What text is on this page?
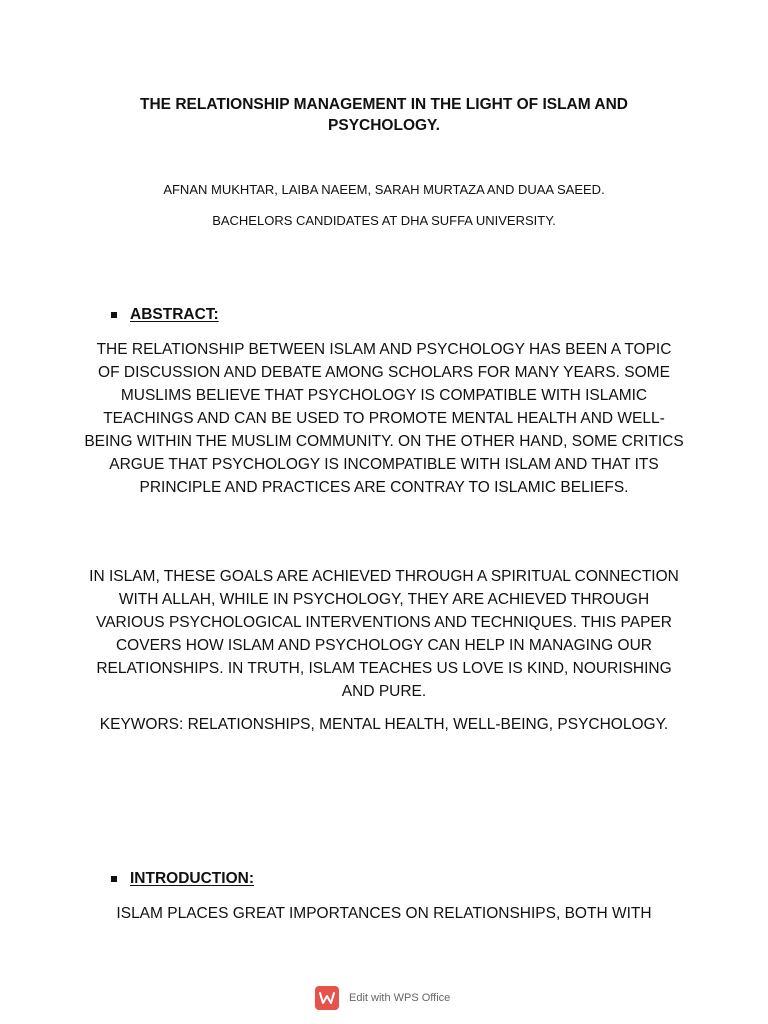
THE RELATIONSHIP MANAGEMENT IN THE LIGHT OF ISLAM AND PSYCHOLOGY.
AFNAN MUKHTAR, LAIBA NAEEM, SARAH MURTAZA AND DUAA SAEED.
BACHELORS CANDIDATES AT DHA SUFFA UNIVERSITY.
ABSTRACT:
THE RELATIONSHIP BETWEEN ISLAM AND PSYCHOLOGY HAS BEEN A TOPIC OF DISCUSSION AND DEBATE AMONG SCHOLARS FOR MANY YEARS. SOME MUSLIMS BELIEVE THAT PSYCHOLOGY IS COMPATIBLE WITH ISLAMIC TEACHINGS AND CAN BE USED TO PROMOTE MENTAL HEALTH AND WELL-BEING WITHIN THE MUSLIM COMMUNITY. ON THE OTHER HAND, SOME CRITICS ARGUE THAT PSYCHOLOGY IS INCOMPATIBLE WITH ISLAM AND THAT ITS PRINCIPLE AND PRACTICES ARE CONTRAY TO ISLAMIC BELIEFS.
IN ISLAM, THESE GOALS ARE ACHIEVED THROUGH A SPIRITUAL CONNECTION WITH ALLAH, WHILE IN PSYCHOLOGY, THEY ARE ACHIEVED THROUGH VARIOUS PSYCHOLOGICAL INTERVENTIONS AND TECHNIQUES. THIS PAPER COVERS HOW ISLAM AND PSYCHOLOGY CAN HELP IN MANAGING OUR RELATIONSHIPS. IN TRUTH, ISLAM TEACHES US LOVE IS KIND, NOURISHING AND PURE.
KEYWORS: RELATIONSHIPS, MENTAL HEALTH, WELL-BEING, PSYCHOLOGY.
INTRODUCTION:
ISLAM PLACES GREAT IMPORTANCES ON RELATIONSHIPS, BOTH WITH
Edit with WPS Office
